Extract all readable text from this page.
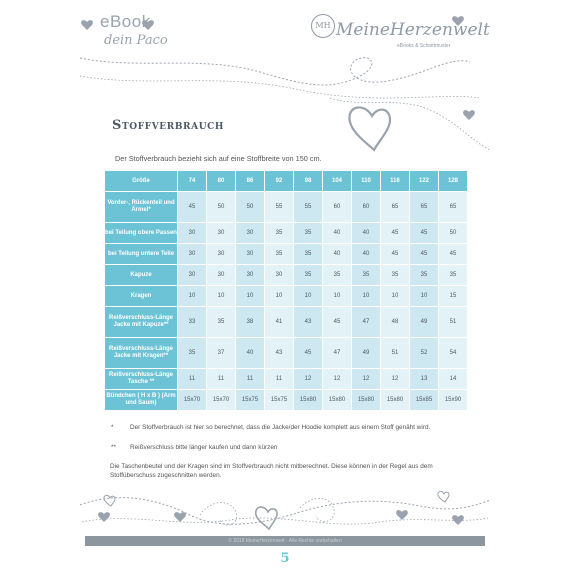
eBook
dein Paco
MH MeineHerzenwelt
eBooks & Schnittmuster
Stoffverbrauch
Der Stoffverbrauch bezieht sich auf eine Stoffbreite von 150 cm.
Größe	74	80	86	92	98	104	110	116	122	128
Vorder-, Rückenteil und Ärmel*	45	50	50	55	55	60	60	65	65	65
bei Teilung obere Passen	30	30	30	35	35	40	40	45	45	50
bei Teilung untere Teile	30	30	30	35	35	40	40	45	45	45
Kapuze	30	30	30	30	35	35	35	35	35	35
Kragen	10	10	10	10	10	10	10	10	10	15
Reißverschluss-Länge Jacke mit Kapuze**	33	35	38	41	43	45	47	48	49	51
Reißverschluss-Länge Jacke mit Kragen**	35	37	40	43	45	47	49	51	52	54
Reißverschluss-Länge Tasche **	11	11	11	11	12	12	12	12	13	14
Bündchen ( H x B ) (Arm und Saum)	15x70	15x70	15x75	15x75	15x80	15x80	15x80	15x80	15x85	15x90
*	Der Stoffverbrauch ist hier so berechnet, dass die Jacke/der Hoodie komplett aus einem Stoff genäht wird.
** Reißverschluss bitte länger kaufen und dann kürzen
Die Taschenbeutel und der Kragen sind im Stoffverbrauch nicht mitberechnet. Diese können in der Regel aus dem Stoffüberschuss zugeschnitten werden.
© 2018 MeineHerzenwelt · Alle Rechte vorbehalten
5
